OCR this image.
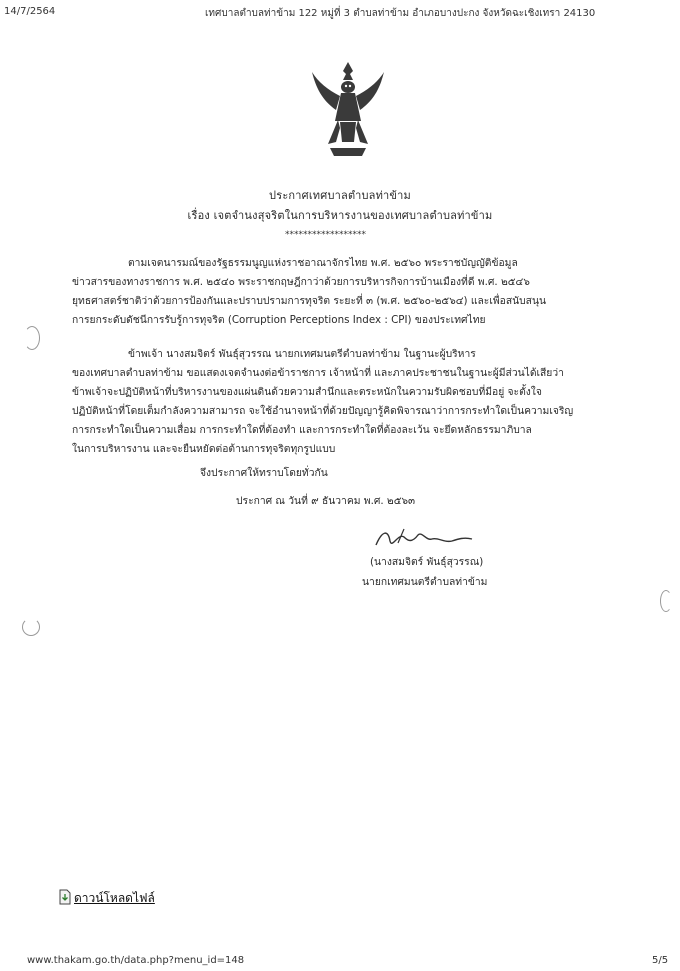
14/7/2564	เทศบาลตำบลท่าข้าม 122 หมู่ที่ 3 ตำบลท่าข้าม อำเภอบางปะกง จังหวัดฉะเชิงเทรา 24130
ประกาศเทศบาลตำบลท่าข้าม
เรื่อง เจตจำนงสุจริตในการบริหารงานของเทศบาลตำบลท่าข้าม
******************
ตามเจตนารมณ์ของรัฐธรรมนูญแห่งราชอาณาจักรไทย พ.ศ. ๒๕๖๐ พระราชบัญญัติข้อมูล
ข่าวสารของทางราชการ พ.ศ. ๒๕๔๐ พระราชกฤษฎีกาว่าด้วยการบริหารกิจการบ้านเมืองที่ดี พ.ศ. ๒๕๔๖
ยุทธศาสตร์ชาติว่าด้วยการป้องกันและปราบปรามการทุจริต ระยะที่ ๓ (พ.ศ. ๒๕๖๐-๒๕๖๔) และเพื่อสนับสนุน
การยกระดับดัชนีการรับรู้การทุจริต (Corruption Perceptions Index : CPI) ของประเทศไทย
ข้าพเจ้า นางสมจิตร์ พันธุ์สุวรรณ นายกเทศมนตรีตำบลท่าข้าม ในฐานะผู้บริหาร
ของเทศบาลตำบลท่าข้าม ขอแสดงเจตจำนงต่อข้าราชการ เจ้าหน้าที่ และภาคประชาชนในฐานะผู้มีส่วนได้เสียว่า
ข้าพเจ้าจะปฏิบัติหน้าที่บริหารงานของแผ่นดินด้วยความสำนึกและตระหนักในความรับผิดชอบที่มีอยู่ จะตั้งใจ
ปฏิบัติหน้าที่โดยเต็มกำลังความสามารถ จะใช้อำนาจหน้าที่ด้วยปัญญารู้คิดพิจารณาว่าการกระทำใดเป็นความเจริญ
การกระทำใดเป็นความเสื่อม การกระทำใดที่ต้องทำ และการกระทำใดที่ต้องละเว้น จะยึดหลักธรรมาภิบาล
ในการบริหารงาน และจะยืนหยัดต่อต้านการทุจริตทุกรูปแบบ
จึงประกาศให้ทราบโดยทั่วกัน
ประกาศ ณ วันที่ ๙ ธันวาคม พ.ศ. ๒๕๖๓
(นางสมจิตร์ พันธุ์สุวรรณ)
นายกเทศมนตรีตำบลท่าข้าม
ดาวน์โหลดไฟล์
www.thakam.go.th/data.php?menu_id=148	5/5
